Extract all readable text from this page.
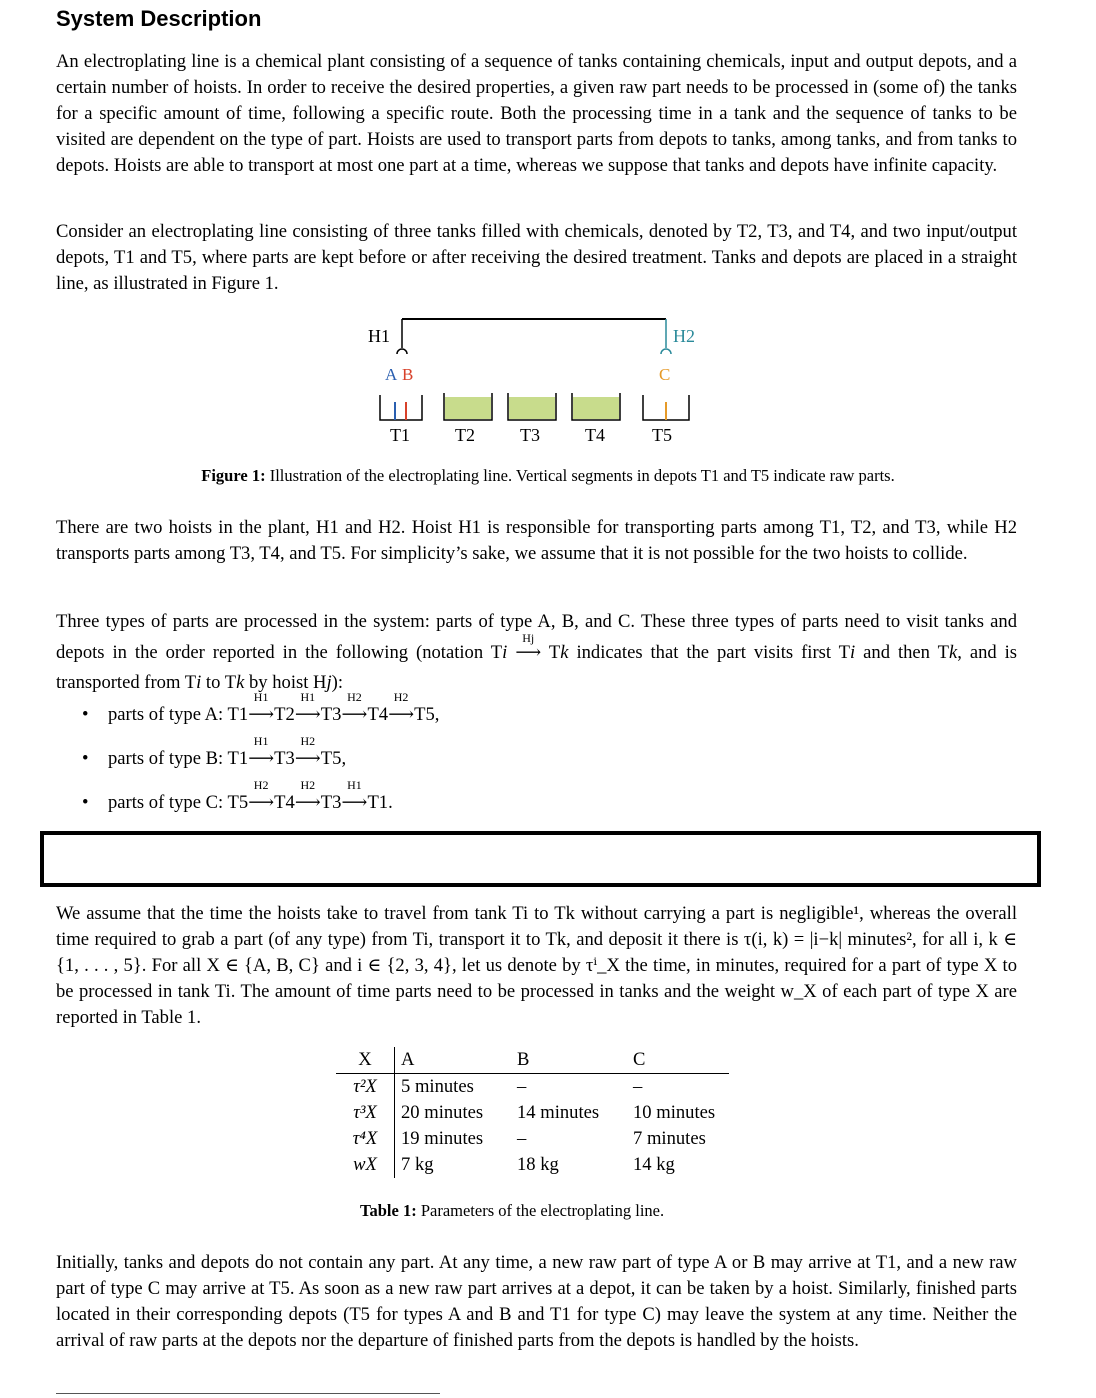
System Description

An electroplating line is a chemical plant consisting of a sequence of tanks containing chemicals, input and output depots, and a certain number of hoists. In order to receive the desired properties, a given raw part needs to be processed in (some of) the tanks for a specific amount of time, following a specific route. Both the processing time in a tank and the sequence of tanks to be visited are dependent on the type of part. Hoists are used to transport parts from depots to tanks, among tanks, and from tanks to depots. Hoists are able to transport at most one part at a time, whereas we suppose that tanks and depots have infinite capacity.

Consider an electroplating line consisting of three tanks filled with chemicals, denoted by T2, T3, and T4, and two input/output depots, T1 and T5, where parts are kept before or after receiving the desired treatment. Tanks and depots are placed in a straight line, as illustrated in Figure 1.

H1	H2
A B	C
T1	T2	T3	T4	T5
Figure 1: Illustration of the electroplating line. Vertical segments in depots T1 and T5 indicate raw parts.

There are two hoists in the plant, H1 and H2. Hoist H1 is responsible for transporting parts among T1, T2, and T3, while H2 transports parts among T3, T4, and T5. For simplicity’s sake, we assume that it is not possible for the two hoists to collide.

Three types of parts are processed in the system: parts of type A, B, and C. These three types of parts need to visit tanks and depots in the order reported in the following (notation Ti
Hj
⟶ Tk indicates that the part visits first Ti and then Tk, and is transported from Ti to Tk by hoist Hj):

• parts of type A: T1
H1
⟶T2
H1
⟶T3
H2
⟶T4
H2
⟶T5,
• parts of type B: T1
H1
⟶T3
H2
⟶T5,
• parts of type C: T5
H2
⟶T4
H2
⟶T3
H1
⟶T1.

We assume that the time the hoists take to travel from tank Ti to Tk without carrying a part is negligible¹, whereas the overall time required to grab a part (of any type) from Ti, transport it to Tk, and deposit it there is τ(i, k) = |i−k| minutes², for all i, k ∈ {1, . . . , 5}. For all X ∈ {A, B, C} and i ∈ {2, 3, 4}, let us denote by τⁱ_X the time, in minutes, required for a part of type X to be processed in tank Ti. The amount of time parts need to be processed in tanks and the weight w_X of each part of type X are reported in Table 1.

X	A	B	C
τ²X	5 minutes	–	–
τ³X	20 minutes	14 minutes	10 minutes
τ⁴X	19 minutes	–	7 minutes
wX	7 kg	18 kg	14 kg
Table 1: Parameters of the electroplating line.

Initially, tanks and depots do not contain any part. At any time, a new raw part of type A or B may arrive at T1, and a new raw part of type C may arrive at T5. As soon as a new raw part arrives at a depot, it can be taken by a hoist. Similarly, finished parts located in their corresponding depots (T5 for types A and B and T1 for type C) may leave the system at any time. Neither the arrival of raw parts at the depots nor the departure of finished parts from the depots is handled by the hoists.
